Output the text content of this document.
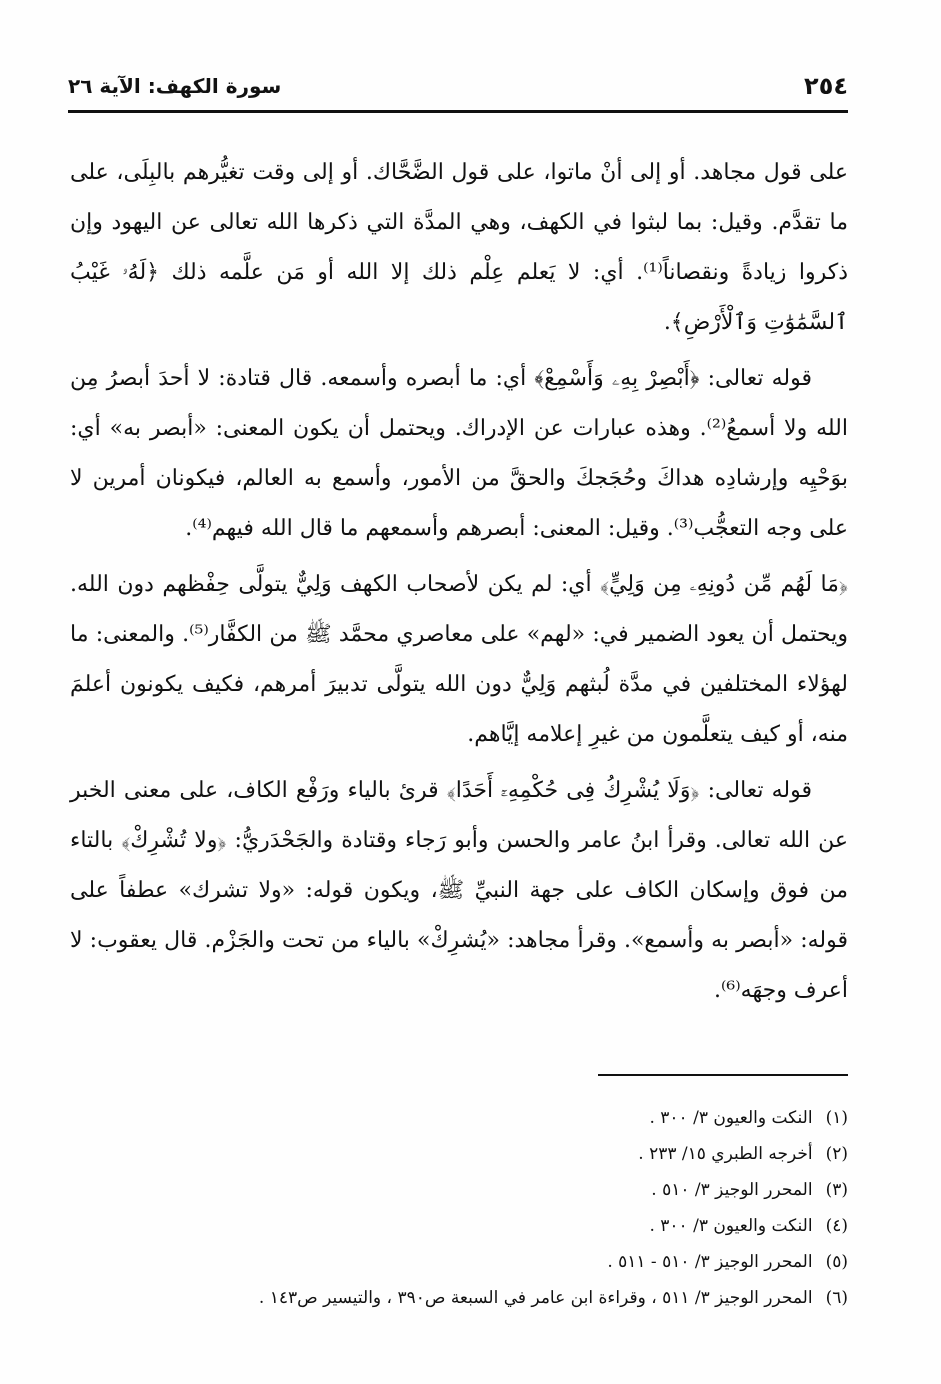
٢٥٤
سورة الكهف: الآية ٢٦

على قول مجاهد. أو إلى أنْ ماتوا، على قول الضَّحَّاك. أو إلى وقت تغيُّرهم بالبِلَى، على ما تقدَّم. وقيل: بما لبثوا في الكهف، وهي المدَّة التي ذكرها الله تعالى عن اليهود وإن ذكروا زيادةً ونقصاناً⁽¹⁾. أي: لا يَعلم عِلْم ذلك إلا الله أو مَن علَّمه ذلك ﴿لَهُۥ غَيْبُ ٱلسَّمَٰوَٰتِ وَٱلْأَرْضِ﴾.

قوله تعالى: ﴿أَبْصِرْ بِهِۦ وَأَسْمِعْ﴾ أي: ما أبصره وأسمعه. قال قتادة: لا أحدَ أبصرُ مِن الله ولا أسمعُ⁽²⁾. وهذه عبارات عن الإدراك. ويحتمل أن يكون المعنى: «أبصر به» أي: بوَحْيِه وإرشادِه هداكَ وحُجَجكَ والحقَّ من الأمور، وأسمع به العالم، فيكونان أمرين لا على وجه التعجُّب⁽³⁾. وقيل: المعنى: أبصرهم وأسمعهم ما قال الله فيهم⁽⁴⁾.

﴿مَا لَهُم مِّن دُونِهِۦ مِن وَلِيٍّ﴾ أي: لم يكن لأصحاب الكهف وَلِيٌّ يتولَّى حِفْظهم دون الله. ويحتمل أن يعود الضمير في: «لهم» على معاصري محمَّد ﷺ من الكفَّار⁽⁵⁾. والمعنى: ما لهؤلاء المختلفين في مدَّة لُبثهم وَلِيٌّ دون الله يتولَّى تدبيرَ أمرهم، فكيف يكونون أعلمَ منه، أو كيف يتعلَّمون من غيرِ إعلامه إيَّاهم.

قوله تعالى: ﴿وَلَا يُشْرِكُ فِى حُكْمِهِۦٓ أَحَدًا﴾ قرئ بالياء ورَفْع الكاف، على معنى الخبر عن الله تعالى. وقرأ ابنُ عامر والحسن وأبو رَجاء وقتادة والجَحْدَريُّ: ﴿ولا تُشْرِكْ﴾ بالتاء من فوق وإسكان الكاف على جهة النبيِّ ﷺ، ويكون قوله: «ولا تشرك» عطفاً على قوله: «أبصر به وأسمع». وقرأ مجاهد: «يُشرِكْ» بالياء من تحت والجَزْم. قال يعقوب: لا أعرف وجهَه⁽⁶⁾.

(١) النكت والعيون ٣/ ٣٠٠ .

(٢) أخرجه الطبري ١٥/ ٢٣٣ .

(٣) المحرر الوجيز ٣/ ٥١٠ .

(٤) النكت والعيون ٣/ ٣٠٠ .

(٥) المحرر الوجيز ٣/ ٥١٠ - ٥١١ .

(٦) المحرر الوجيز ٣/ ٥١١ ، وقراءة ابن عامر في السبعة ص٣٩٠ ، والتيسير ص١٤٣ .
